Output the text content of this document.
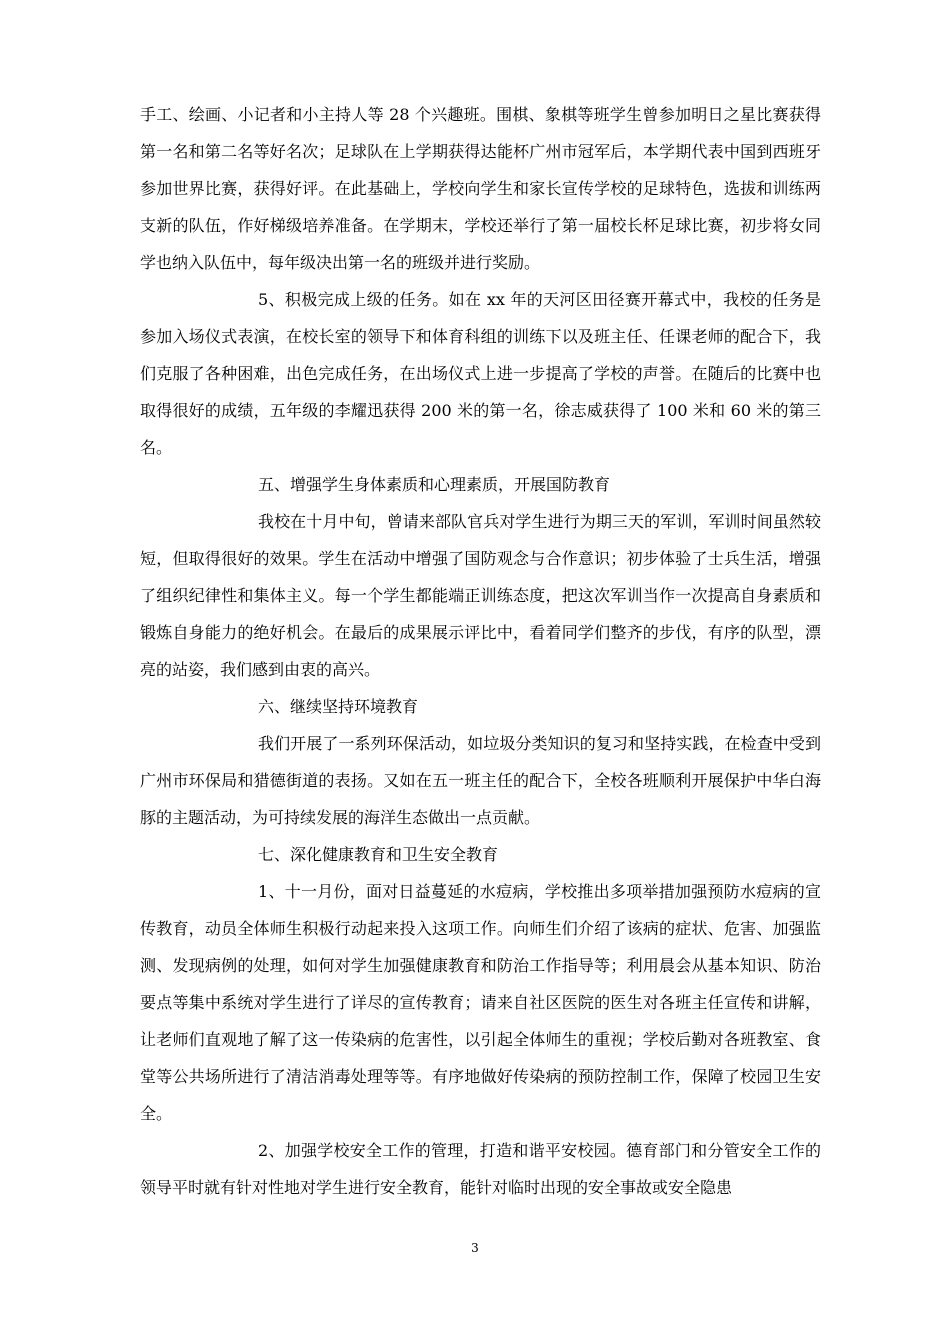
手工、绘画、小记者和小主持人等 28 个兴趣班。围棋、象棋等班学生曾参加明日之星比赛获得第一名和第二名等好名次；足球队在上学期获得达能杯广州市冠军后，本学期代表中国到西班牙参加世界比赛，获得好评。在此基础上，学校向学生和家长宣传学校的足球特色，选拔和训练两支新的队伍，作好梯级培养准备。在学期末，学校还举行了第一届校长杯足球比赛，初步将女同学也纳入队伍中，每年级决出第一名的班级并进行奖励。

5、积极完成上级的任务。如在 xx 年的天河区田径赛开幕式中，我校的任务是参加入场仪式表演，在校长室的领导下和体育科组的训练下以及班主任、任课老师的配合下，我们克服了各种困难，出色完成任务，在出场仪式上进一步提高了学校的声誉。在随后的比赛中也取得很好的成绩，五年级的李耀迅获得 200 米的第一名，徐志威获得了 100 米和 60 米的第三名。

五、增强学生身体素质和心理素质，开展国防教育

我校在十月中旬，曾请来部队官兵对学生进行为期三天的军训，军训时间虽然较短，但取得很好的效果。学生在活动中增强了国防观念与合作意识；初步体验了士兵生活，增强了组织纪律性和集体主义。每一个学生都能端正训练态度，把这次军训当作一次提高自身素质和锻炼自身能力的绝好机会。在最后的成果展示评比中，看着同学们整齐的步伐，有序的队型，漂亮的站姿，我们感到由衷的高兴。

六、继续坚持环境教育

我们开展了一系列环保活动，如垃圾分类知识的复习和坚持实践，在检查中受到广州市环保局和猎德街道的表扬。又如在五一班主任的配合下，全校各班顺利开展保护中华白海豚的主题活动，为可持续发展的海洋生态做出一点贡献。

七、深化健康教育和卫生安全教育

1、十一月份，面对日益蔓延的水痘病，学校推出多项举措加强预防水痘病的宣传教育，动员全体师生积极行动起来投入这项工作。向师生们介绍了该病的症状、危害、加强监测、发现病例的处理，如何对学生加强健康教育和防治工作指导等；利用晨会从基本知识、防治要点等集中系统对学生进行了详尽的宣传教育；请来自社区医院的医生对各班主任宣传和讲解，让老师们直观地了解了这一传染病的危害性，以引起全体师生的重视；学校后勤对各班教室、食堂等公共场所进行了清洁消毒处理等等。有序地做好传染病的预防控制工作，保障了校园卫生安全。

2、加强学校安全工作的管理，打造和谐平安校园。德育部门和分管安全工作的领导平时就有针对性地对学生进行安全教育，能针对临时出现的安全事故或安全隐患

3
